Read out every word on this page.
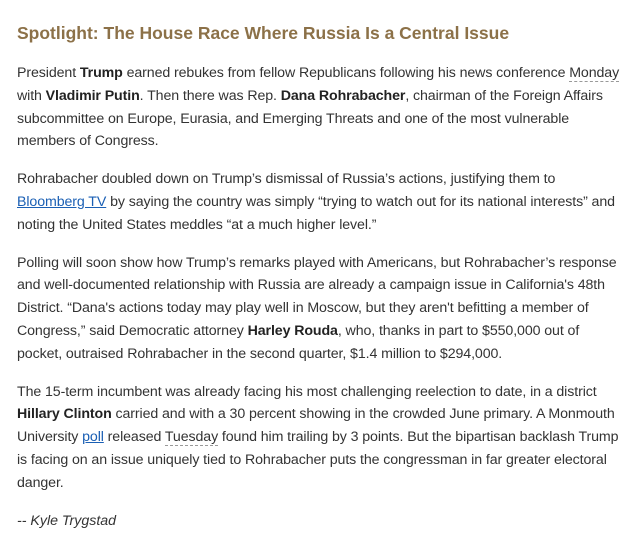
Spotlight: The House Race Where Russia Is a Central Issue

President Trump earned rebukes from fellow Republicans following his news conference Monday with Vladimir Putin. Then there was Rep. Dana Rohrabacher, chairman of the Foreign Affairs subcommittee on Europe, Eurasia, and Emerging Threats and one of the most vulnerable members of Congress.

Rohrabacher doubled down on Trump’s dismissal of Russia’s actions, justifying them to Bloomberg TV by saying the country was simply “trying to watch out for its national interests” and noting the United States meddles “at a much higher level.”

Polling will soon show how Trump’s remarks played with Americans, but Rohrabacher’s response and well-documented relationship with Russia are already a campaign issue in California's 48th District. “Dana's actions today may play well in Moscow, but they aren't befitting a member of Congress,” said Democratic attorney Harley Rouda, who, thanks in part to $550,000 out of pocket, outraised Rohrabacher in the second quarter, $1.4 million to $294,000.

The 15-term incumbent was already facing his most challenging reelection to date, in a district Hillary Clinton carried and with a 30 percent showing in the crowded June primary. A Monmouth University poll released Tuesday found him trailing by 3 points. But the bipartisan backlash Trump is facing on an issue uniquely tied to Rohrabacher puts the congressman in far greater electoral danger.

-- Kyle Trygstad
